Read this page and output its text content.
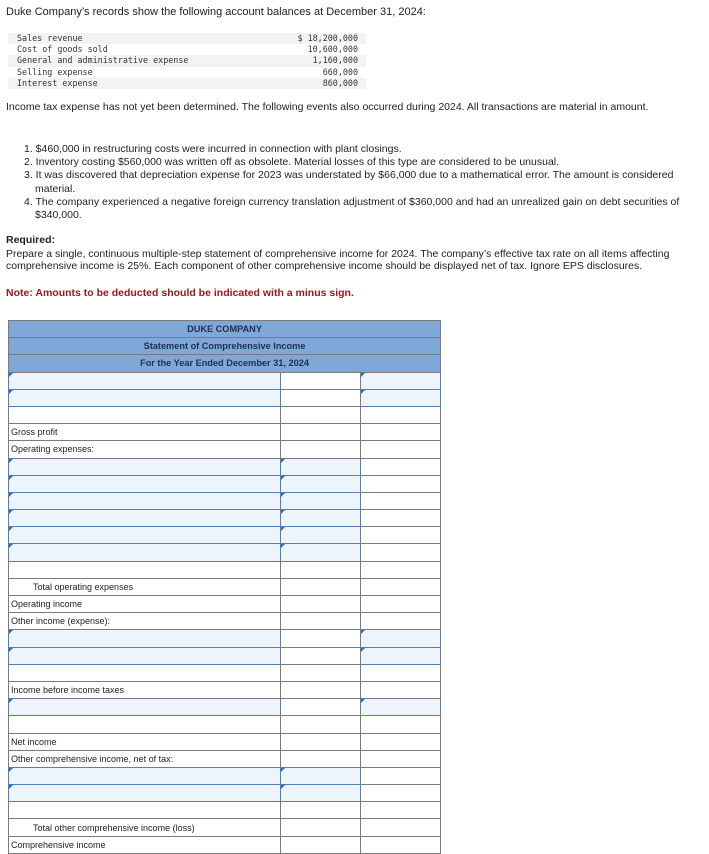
Duke Company’s records show the following account balances at December 31, 2024:

Sales revenue	$ 18,200,000
Cost of goods sold	10,600,000
General and administrative expense	1,160,000
Selling expense	660,000
Interest expense	860,000

Income tax expense has not yet been determined. The following events also occurred during 2024. All transactions are material in amount.

1. $460,000 in restructuring costs were incurred in connection with plant closings.
2. Inventory costing $560,000 was written off as obsolete. Material losses of this type are considered to be unusual.
3. It was discovered that depreciation expense for 2023 was understated by $66,000 due to a mathematical error. The amount is considered material.
4. The company experienced a negative foreign currency translation adjustment of $360,000 and had an unrealized gain on debt securities of $340,000.

Required:

Prepare a single, continuous multiple-step statement of comprehensive income for 2024. The company’s effective tax rate on all items affecting comprehensive income is 25%. Each component of other comprehensive income should be displayed net of tax. Ignore EPS disclosures.

Note: Amounts to be deducted should be indicated with a minus sign.

DUKE COMPANY		
Statement of Comprehensive Income		
For the Year Ended December 31, 2024		

Gross profit		
Operating expenses:		

Total operating expenses		
Operating income		
Other income (expense):		

Income before income taxes		

Net income		
Other comprehensive income, net of tax:		

Total other comprehensive income (loss)		
Comprehensive income		
